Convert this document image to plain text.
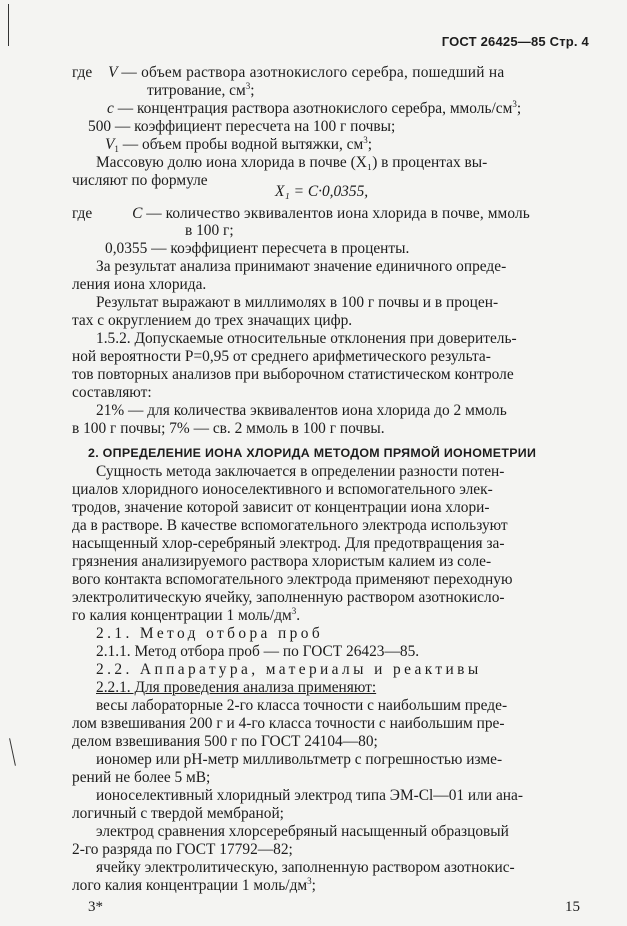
ГОСТ 26425—85 Стр. 4
где V — объем раствора азотнокислого серебра, пошедший на
титрование, $см^3$;
c — концентрация раствора азотнокислого серебра, ммоль/$см^3$;
500 — коэффициент пересчета на 100 г почвы;
$V_1$ — объем пробы водной вытяжки, $см^3$;
Массовую долю иона хлорида в почве (X₁) в процентах вы-
числяют по формуле
X₁ = C·0,0355,
где	C — количество эквивалентов иона хлорида в почве, ммоль
в 100 г;
0,0355 — коэффициент пересчета в проценты.
За результат анализа принимают значение единичного опреде-
ления иона хлорида.
Результат выражают в миллимолях в 100 г почвы и в процен-
тах с округлением до трех значащих цифр.
1.5.2. Допускаемые относительные отклонения при доверитель-
ной вероятности P=0,95 от среднего арифметического результа-
тов повторных анализов при выборочном статистическом контроле
составляют:
21% — для количества эквивалентов иона хлорида до 2 ммоль
в 100 г почвы; 7% — св. 2 ммоль в 100 г почвы.
2. ОПРЕДЕЛЕНИЕ ИОНА ХЛОРИДА МЕТОДОМ ПРЯМОЙ ИОНОМЕТРИИ
Сущность метода заключается в определении разности потен-
циалов хлоридного ионоселективного и вспомогательного элек-
тродов, значение которой зависит от концентрации иона хлори-
да в растворе. В качестве вспомогательного электрода используют
насыщенный хлор-серебряный электрод. Для предотвращения за-
грязнения анализируемого раствора хлористым калием из соле-
вого контакта вспомогательного электрода применяют переходную
электролитическую ячейку, заполненную раствором азотнокисло-
го калия концентрации 1 моль/$дм^3$.
2.1. Метод отбора проб
2.1.1. Метод отбора проб — по ГОСТ 26423—85.
2.2. Аппаратура, материалы и реактивы
2.2.1. Для проведения анализа применяют:
весы лабораторные 2-го класса точности с наибольшим преде-
лом взвешивания 200 г и 4-го класса точности с наибольшим пре-
делом взвешивания 500 г по ГОСТ 24104—80;
иономер или pH-метр милливольтметр с погрешностью изме-
рений не более 5 мВ;
ионоселективный хлоридный электрод типа ЭМ-Cl—01 или ана-
логичный с твердой мембраной;
электрод сравнения хлорсеребряный насыщенный образцовый
2-го разряда по ГОСТ 17792—82;
ячейку электролитическую, заполненную раствором азотнокис-
лого калия концентрации 1 моль/$дм^3$;
3*	15
